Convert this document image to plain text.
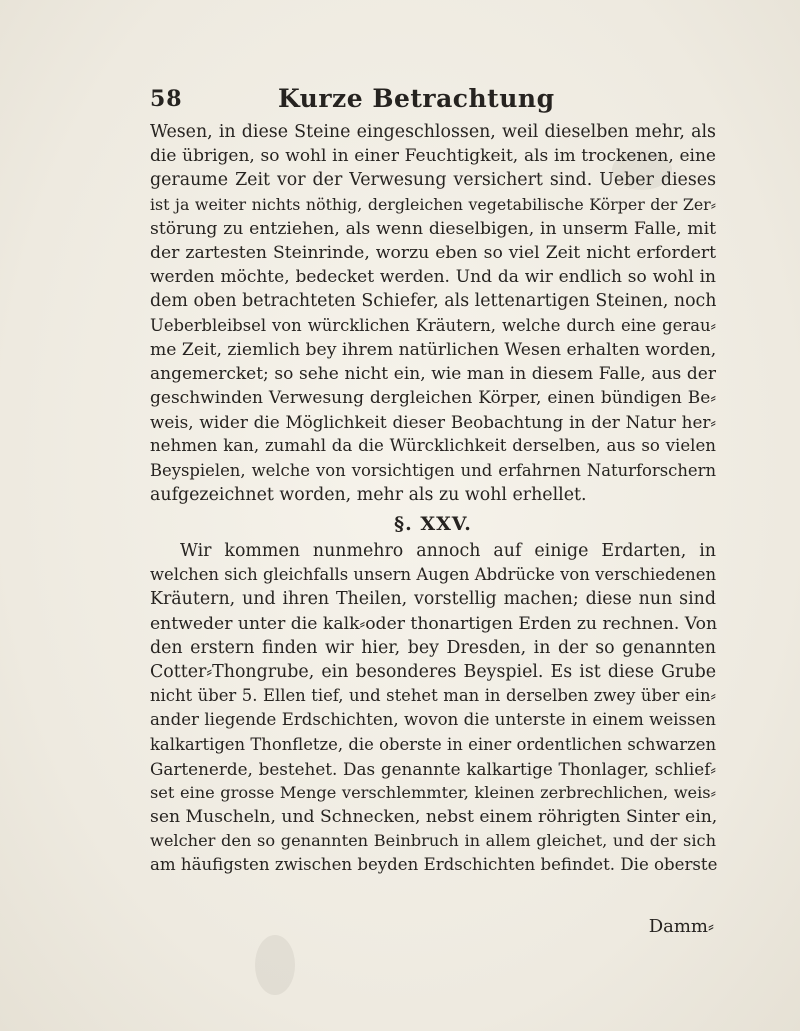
58	Kurze Betrachtung
Wesen, in diese Steine eingeschlossen, weil dieselben mehr, als
die übrigen, so wohl in einer Feuchtigkeit, als im trockenen, eine
geraume Zeit vor der Verwesung versichert sind. Ueber dieses
ist ja weiter nichts nöthig, dergleichen vegetabilische Körper der Zer⸗
störung zu entziehen, als wenn dieselbigen, in unserm Falle, mit
der zartesten Steinrinde, worzu eben so viel Zeit nicht erfordert
werden möchte, bedecket werden. Und da wir endlich so wohl in
dem oben betrachteten Schiefer, als lettenartigen Steinen, noch
Ueberbleibsel von würcklichen Kräutern, welche durch eine gerau⸗
me Zeit, ziemlich bey ihrem natürlichen Wesen erhalten worden,
angemercket; so sehe nicht ein, wie man in diesem Falle, aus der
geschwinden Verwesung dergleichen Körper, einen bündigen Be⸗
weis, wider die Möglichkeit dieser Beobachtung in der Natur her⸗
nehmen kan, zumahl da die Würcklichkeit derselben, aus so vielen
Beyspielen, welche von vorsichtigen und erfahrnen Naturforschern
aufgezeichnet worden, mehr als zu wohl erhellet.
§. XXV.
Wir kommen nunmehro annoch auf einige Erdarten, in
welchen sich gleichfalls unsern Augen Abdrücke von verschiedenen
Kräutern, und ihren Theilen, vorstellig machen; diese nun sind
entweder unter die kalk⸗oder thonartigen Erden zu rechnen. Von
den erstern finden wir hier, bey Dresden, in der so genannten
Cotter⸗Thongrube, ein besonderes Beyspiel. Es ist diese Grube
nicht über 5. Ellen tief, und stehet man in derselben zwey über ein⸗
ander liegende Erdschichten, wovon die unterste in einem weissen
kalkartigen Thonfletze, die oberste in einer ordentlichen schwarzen
Gartenerde, bestehet. Das genannte kalkartige Thonlager, schlief⸗
set eine grosse Menge verschlemmter, kleinen zerbrechlichen, weis⸗
sen Muscheln, und Schnecken, nebst einem röhrigten Sinter ein,
welcher den so genannten Beinbruch in allem gleichet, und der sich
am häufigsten zwischen beyden Erdschichten befindet. Die oberste
Damm⸗
